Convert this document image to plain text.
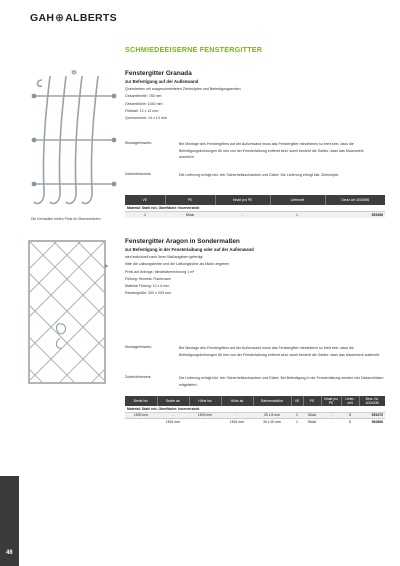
GAH⊕ALBERTS
SCHMIEDEEISERNE FENSTERGITTER
Die Kerbstäbe bieten Platz für Blumenkästen
Fenstergitter Granada
zur Befestigung auf der Außenwand
Querstreben mit ausgeschmiedeten Zierknöpfen und Befestigungsenden
Gesamtbreite: 780 mm
Gesamthöhe: 1040 mm
Füllstab: 12 x 12 mm
Querrosenne: 14 x 14 mm
Montagehinweis:	Bei Montage des Fenstergitters auf der Außenwand muss das Fenstergitter mindestens so breit sein, dass die Befestigungsbohrungen 80 mm von der Fensterlaibung entfernt sind; somit besteht die Gefahr, dass das Mauerwerk ausbricht.
Zubehörhinweis:	Die Lieferung erfolgt inkl. vier Sicherheitsschrauben und Dübel. Die Lieferung erfolgt inkl. Zierknöpfe.
VE	PE	Inhalt pro PE	Lieferzeit	Deutz Art 4004556
Material: Stahl roh, Oberfläche: feuerverzinkt				
1	Stück	-	L	553456
Fenstergitter Aragon in Sondermaßen
zur Befestigung in der Fensterlaibung oder auf der Außenwand
wird individuell nach Ihren Maßangaben gefertigt
bitte die Laibungsbreite und die Laibungshöhe als Maße angeben
Preis auf Anfrage, Mindestberechnung 1 m²
Füllung: Hinweis: Flachrosen
Material Füllung: 12 x 6 mm
Raubergröße: 300 x 293 mm
Montagehinweis:	Bei Montage des Fenstergitters auf der Außenwand muss das Fenstergitter mindestens so breit sein, dass die Befestigungsbohrungen 80 mm von der Fensterlaibung entfernt sind; somit besteht die Gefahr, dass das Mauerwerk ausbricht.
Zubehörhinweis:	Die Lieferung erfolgt inkl. vier Sicherheitsschrauben und Dübel. Bei Befestigung in der Fensterlaibung werden vier Distanzhülsen mitgeliefert.
Breite bis	Breite ab	Höhe bis	Höhe ab	Rahmenstärke	VE	PE	Inhalt pro PE	Liefer-zeit	Best.-Nr. 4004336
Material: Stahl roh, Oberfläche: feuerverzinkt									
1500 mm	-	1500 mm	-	20 x 8 mm	1	Stück	-	S	553470
-	1501 mm	-	1501 mm	30 x 20 mm	1	Stück	-	S	560868
46
